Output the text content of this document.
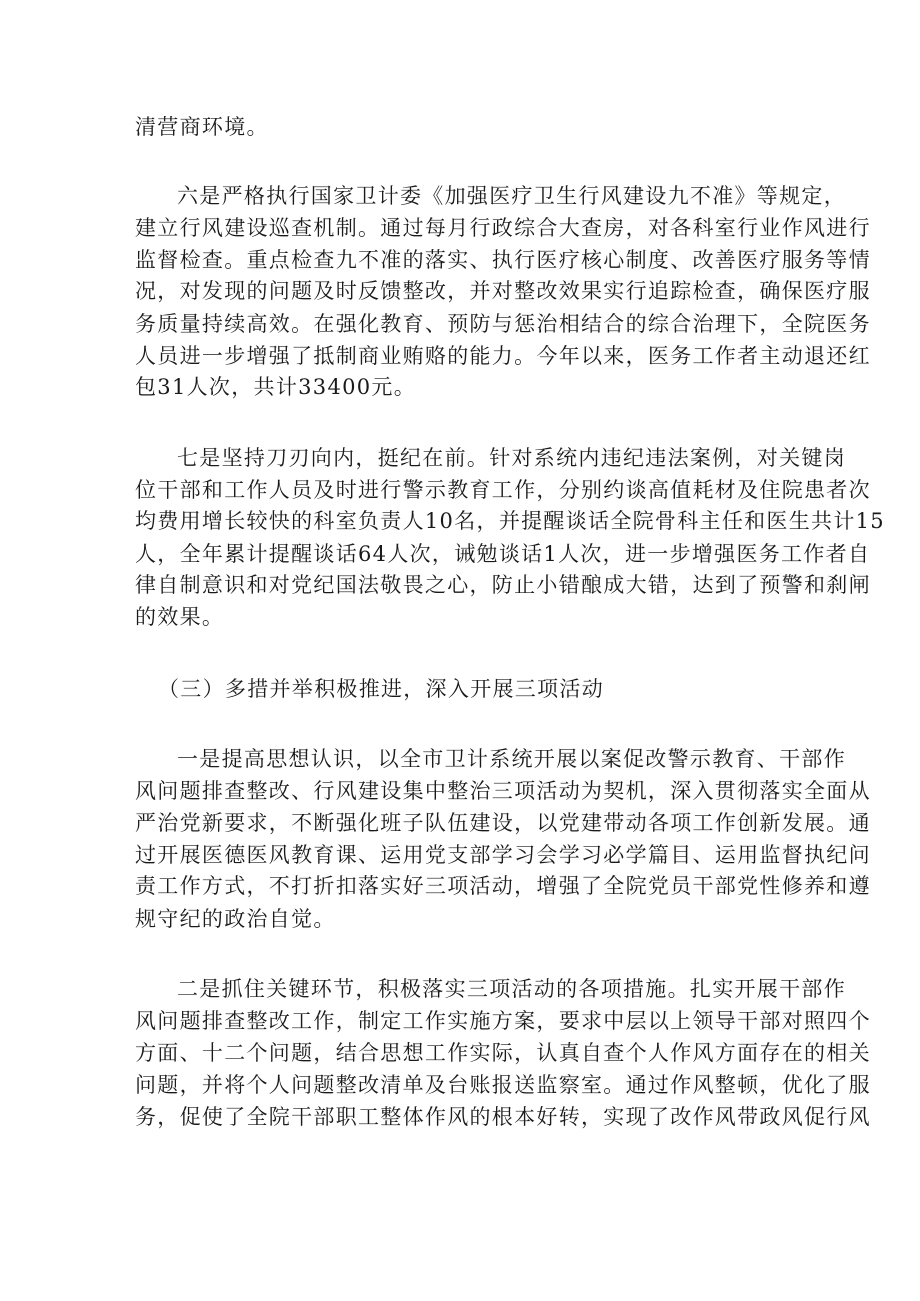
清营商环境。
六是严格执行国家卫计委《加强医疗卫生行风建设九不准》等规定，
建立行风建设巡查机制。通过每月行政综合大查房，对各科室行业作风进行
监督检查。重点检查九不准的落实、执行医疗核心制度、改善医疗服务等情
况，对发现的问题及时反馈整改，并对整改效果实行追踪检查，确保医疗服
务质量持续高效。在强化教育、预防与惩治相结合的综合治理下，全院医务
人员进一步增强了抵制商业贿赂的能力。今年以来，医务工作者主动退还红
包31人次，共计33400元。
七是坚持刀刃向内，挺纪在前。针对系统内违纪违法案例，对关键岗
位干部和工作人员及时进行警示教育工作，分别约谈高值耗材及住院患者次
均费用增长较快的科室负责人10名，并提醒谈话全院骨科主任和医生共计15
人，全年累计提醒谈话64人次，诫勉谈话1人次，进一步增强医务工作者自
律自制意识和对党纪国法敬畏之心，防止小错酿成大错，达到了预警和刹闸
的效果。
（三）多措并举积极推进，深入开展三项活动
一是提高思想认识，以全市卫计系统开展以案促改警示教育、干部作
风问题排查整改、行风建设集中整治三项活动为契机，深入贯彻落实全面从
严治党新要求，不断强化班子队伍建设，以党建带动各项工作创新发展。通
过开展医德医风教育课、运用党支部学习会学习必学篇目、运用监督执纪问
责工作方式，不打折扣落实好三项活动，增强了全院党员干部党性修养和遵
规守纪的政治自觉。
二是抓住关键环节，积极落实三项活动的各项措施。扎实开展干部作
风问题排查整改工作，制定工作实施方案，要求中层以上领导干部对照四个
方面、十二个问题，结合思想工作实际，认真自查个人作风方面存在的相关
问题，并将个人问题整改清单及台账报送监察室。通过作风整顿，优化了服
务，促使了全院干部职工整体作风的根本好转，实现了改作风带政风促行风
